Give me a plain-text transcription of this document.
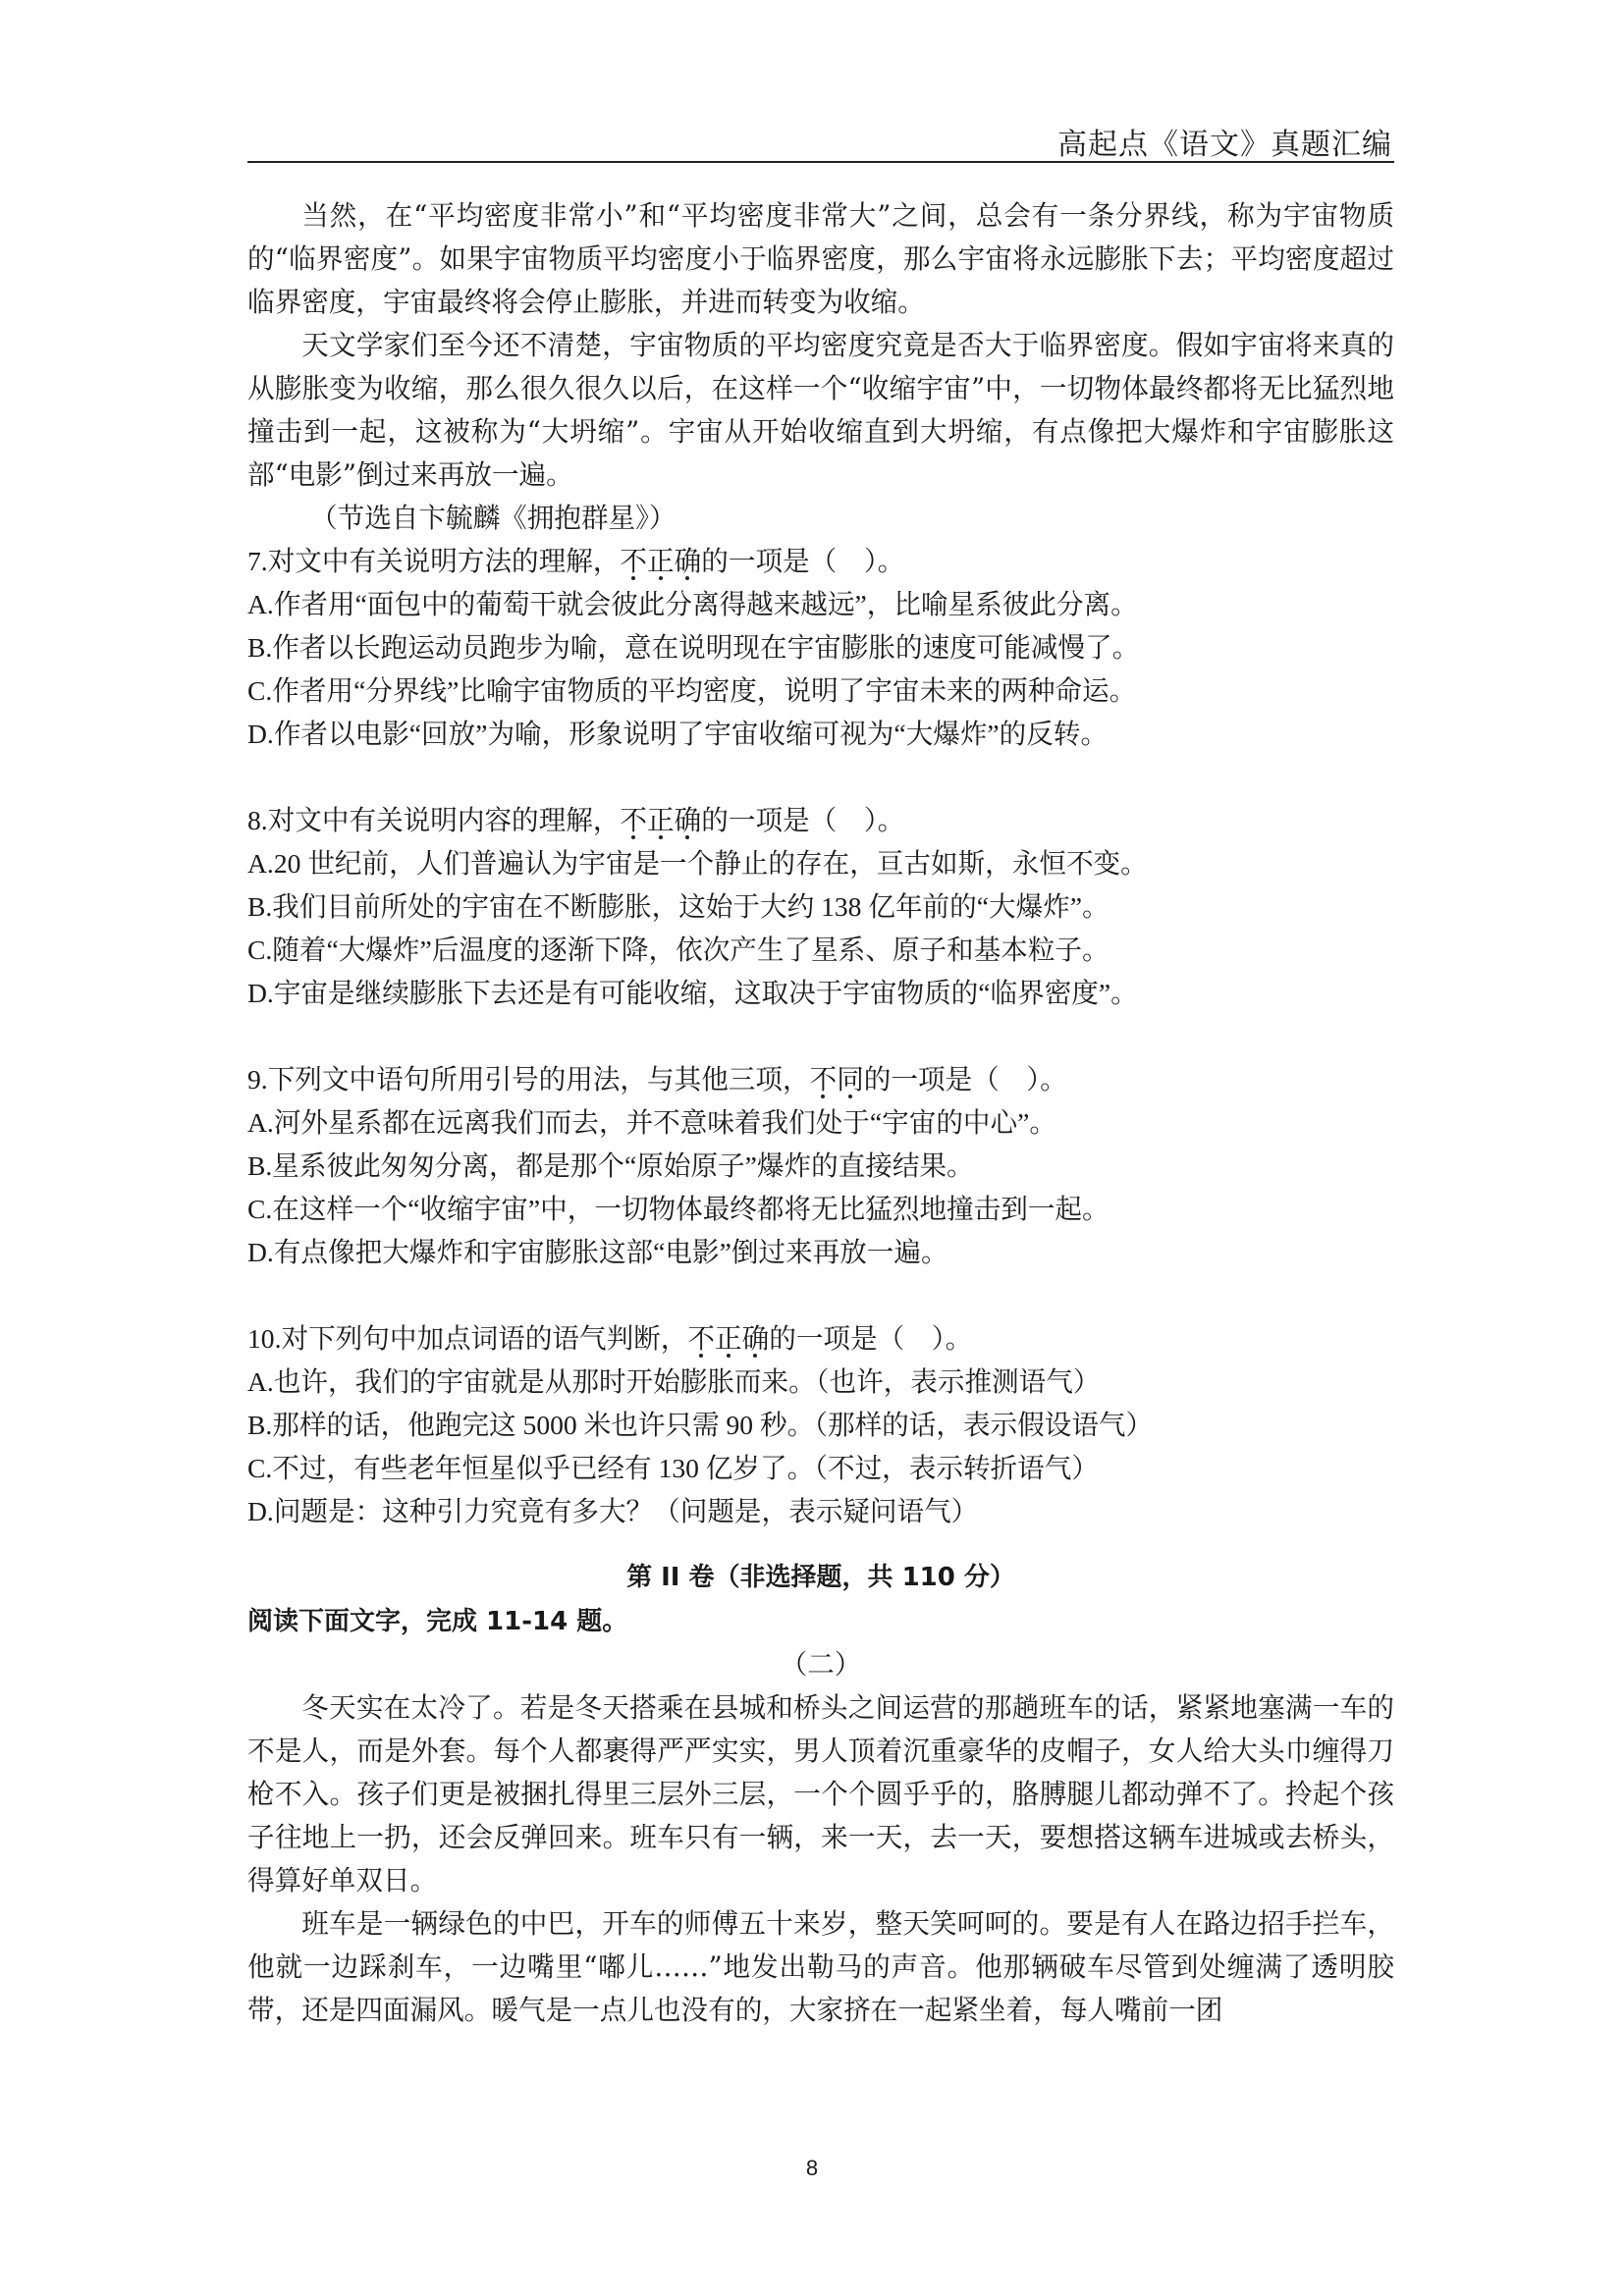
高起点《语文》真题汇编

当然，在“平均密度非常小”和“平均密度非常大”之间，总会有一条分界线，称为宇宙物质的“临界密度”。如果宇宙物质平均密度小于临界密度，那么宇宙将永远膨胀下去；平均密度超过临界密度，宇宙最终将会停止膨胀，并进而转变为收缩。

天文学家们至今还不清楚，宇宙物质的平均密度究竟是否大于临界密度。假如宇宙将来真的从膨胀变为收缩，那么很久很久以后，在这样一个“收缩宇宙”中，一切物体最终都将无比猛烈地撞击到一起，这被称为“大坍缩”。宇宙从开始收缩直到大坍缩，有点像把大爆炸和宇宙膨胀这部“电影”倒过来再放一遍。

（节选自卞毓麟《拥抱群星》）

7.对文中有关说明方法的理解，不正确的一项是（　）。

A.作者用“面包中的葡萄干就会彼此分离得越来越远”，比喻星系彼此分离。

B.作者以长跑运动员跑步为喻，意在说明现在宇宙膨胀的速度可能减慢了。

C.作者用“分界线”比喻宇宙物质的平均密度，说明了宇宙未来的两种命运。

D.作者以电影“回放”为喻，形象说明了宇宙收缩可视为“大爆炸”的反转。

8.对文中有关说明内容的理解，不正确的一项是（　）。

A.20 世纪前，人们普遍认为宇宙是一个静止的存在，亘古如斯，永恒不变。

B.我们目前所处的宇宙在不断膨胀，这始于大约 138 亿年前的“大爆炸”。

C.随着“大爆炸”后温度的逐渐下降，依次产生了星系、原子和基本粒子。

D.宇宙是继续膨胀下去还是有可能收缩，这取决于宇宙物质的“临界密度”。

9.下列文中语句所用引号的用法，与其他三项，不同的一项是（　）。

A.河外星系都在远离我们而去，并不意味着我们处于“宇宙的中心”。

B.星系彼此匆匆分离，都是那个“原始原子”爆炸的直接结果。

C.在这样一个“收缩宇宙”中，一切物体最终都将无比猛烈地撞击到一起。

D.有点像把大爆炸和宇宙膨胀这部“电影”倒过来再放一遍。

10.对下列句中加点词语的语气判断，不正确的一项是（　）。

A.也许，我们的宇宙就是从那时开始膨胀而来。（也许，表示推测语气）

B.那样的话，他跑完这 5000 米也许只需 90 秒。（那样的话，表示假设语气）

C.不过，有些老年恒星似乎已经有 130 亿岁了。（不过，表示转折语气）

D.问题是：这种引力究竟有多大？（问题是，表示疑问语气）

第 II 卷（非选择题，共 110 分）

阅读下面文字，完成 11-14 题。

（二）

冬天实在太冷了。若是冬天搭乘在县城和桥头之间运营的那趟班车的话，紧紧地塞满一车的不是人，而是外套。每个人都裹得严严实实，男人顶着沉重豪华的皮帽子，女人给大头巾缠得刀枪不入。孩子们更是被捆扎得里三层外三层，一个个圆乎乎的，胳膊腿儿都动弹不了。拎起个孩子往地上一扔，还会反弹回来。班车只有一辆，来一天，去一天，要想搭这辆车进城或去桥头，得算好单双日。

班车是一辆绿色的中巴，开车的师傅五十来岁，整天笑呵呵的。要是有人在路边招手拦车，他就一边踩刹车，一边嘴里“嘟儿……”地发出勒马的声音。他那辆破车尽管到处缠满了透明胶带，还是四面漏风。暖气是一点儿也没有的，大家挤在一起紧坐着，每人嘴前一团

8
